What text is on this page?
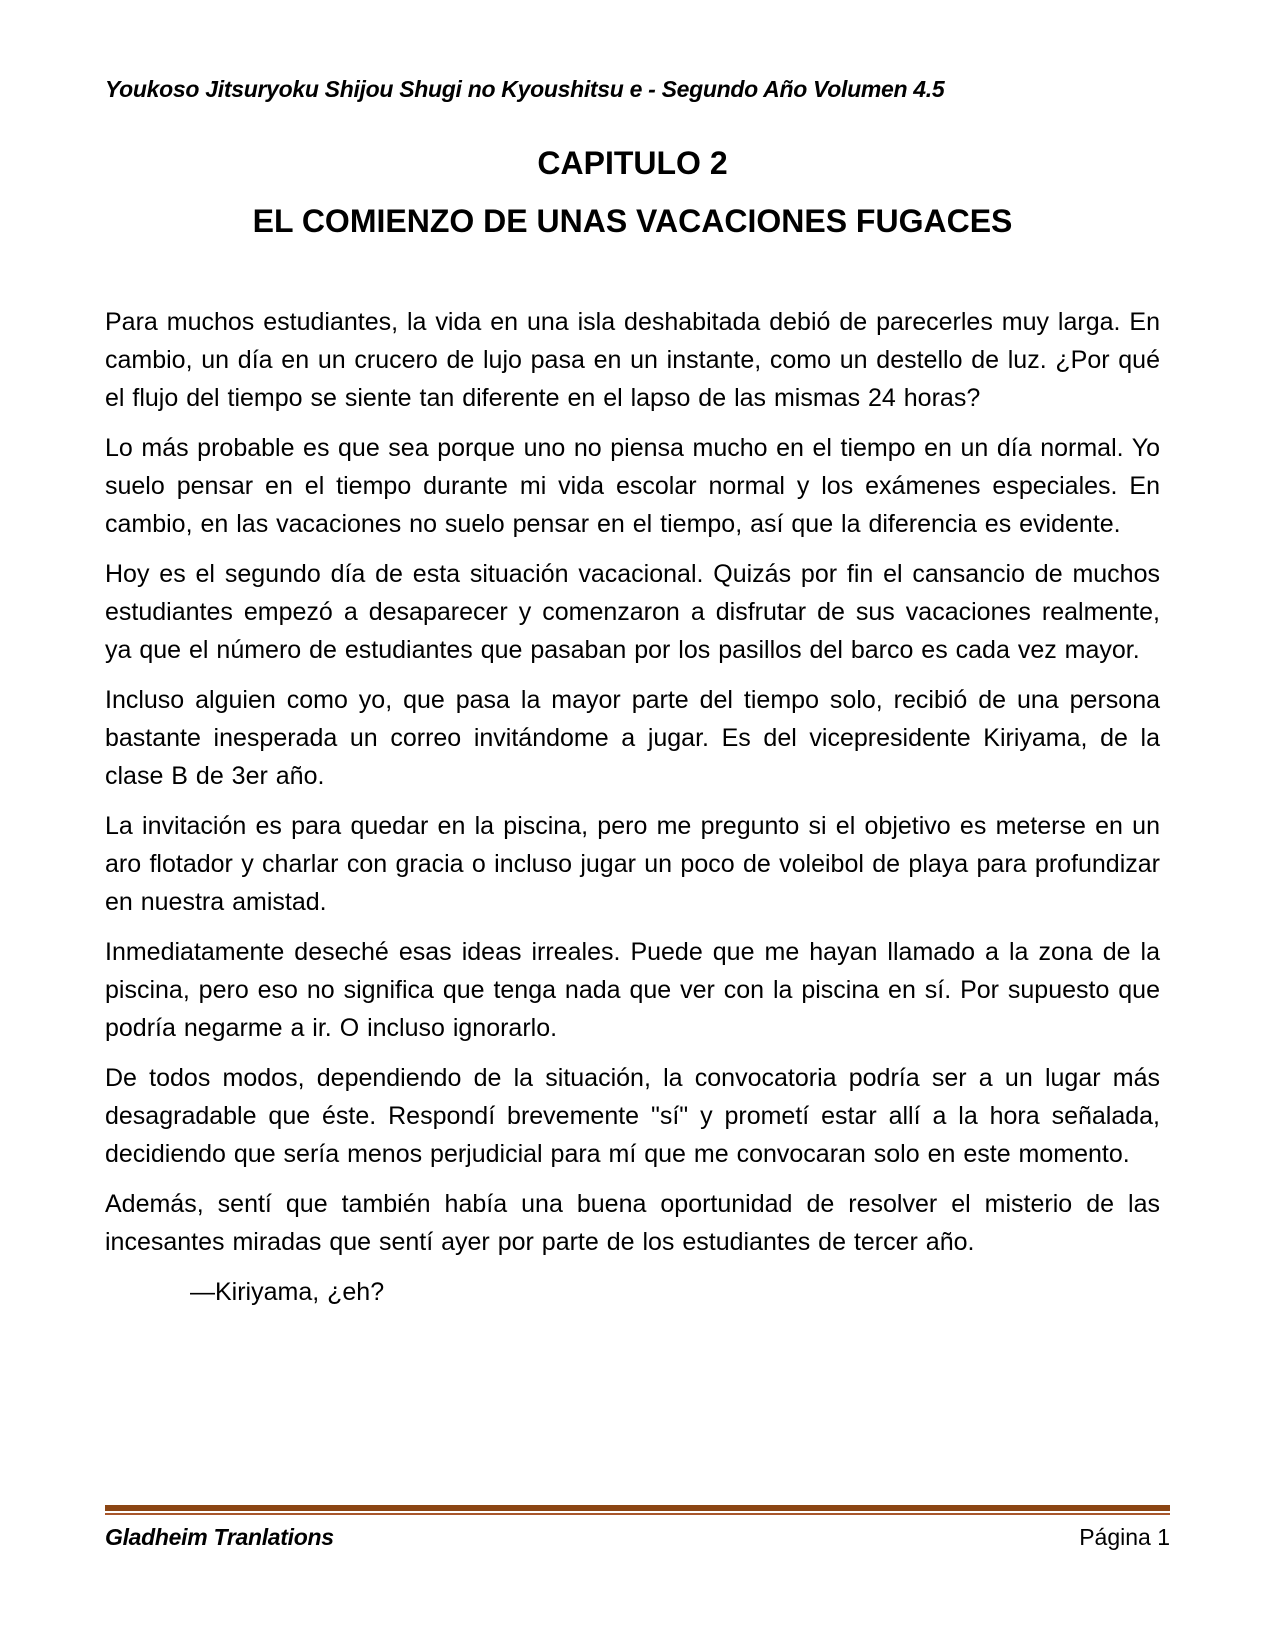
Youkoso Jitsuryoku Shijou Shugi no Kyoushitsu e - Segundo Año Volumen 4.5
CAPITULO 2
EL COMIENZO DE UNAS VACACIONES FUGACES

Para muchos estudiantes, la vida en una isla deshabitada debió de parecerles muy larga. En cambio, un día en un crucero de lujo pasa en un instante, como un destello de luz. ¿Por qué el flujo del tiempo se siente tan diferente en el lapso de las mismas 24 horas?

Lo más probable es que sea porque uno no piensa mucho en el tiempo en un día normal. Yo suelo pensar en el tiempo durante mi vida escolar normal y los exámenes especiales. En cambio, en las vacaciones no suelo pensar en el tiempo, así que la diferencia es evidente.

Hoy es el segundo día de esta situación vacacional. Quizás por fin el cansancio de muchos estudiantes empezó a desaparecer y comenzaron a disfrutar de sus vacaciones realmente, ya que el número de estudiantes que pasaban por los pasillos del barco es cada vez mayor.

Incluso alguien como yo, que pasa la mayor parte del tiempo solo, recibió de una persona bastante inesperada un correo invitándome a jugar. Es del vicepresidente Kiriyama, de la clase B de 3er año.

La invitación es para quedar en la piscina, pero me pregunto si el objetivo es meterse en un aro flotador y charlar con gracia o incluso jugar un poco de voleibol de playa para profundizar en nuestra amistad.

Inmediatamente deseché esas ideas irreales. Puede que me hayan llamado a la zona de la piscina, pero eso no significa que tenga nada que ver con la piscina en sí. Por supuesto que podría negarme a ir. O incluso ignorarlo.

De todos modos, dependiendo de la situación, la convocatoria podría ser a un lugar más desagradable que éste. Respondí brevemente "sí" y prometí estar allí a la hora señalada, decidiendo que sería menos perjudicial para mí que me convocaran solo en este momento.

Además, sentí que también había una buena oportunidad de resolver el misterio de las incesantes miradas que sentí ayer por parte de los estudiantes de tercer año.

—Kiriyama, ¿eh?

Gladheim Tranlations	Página 1
